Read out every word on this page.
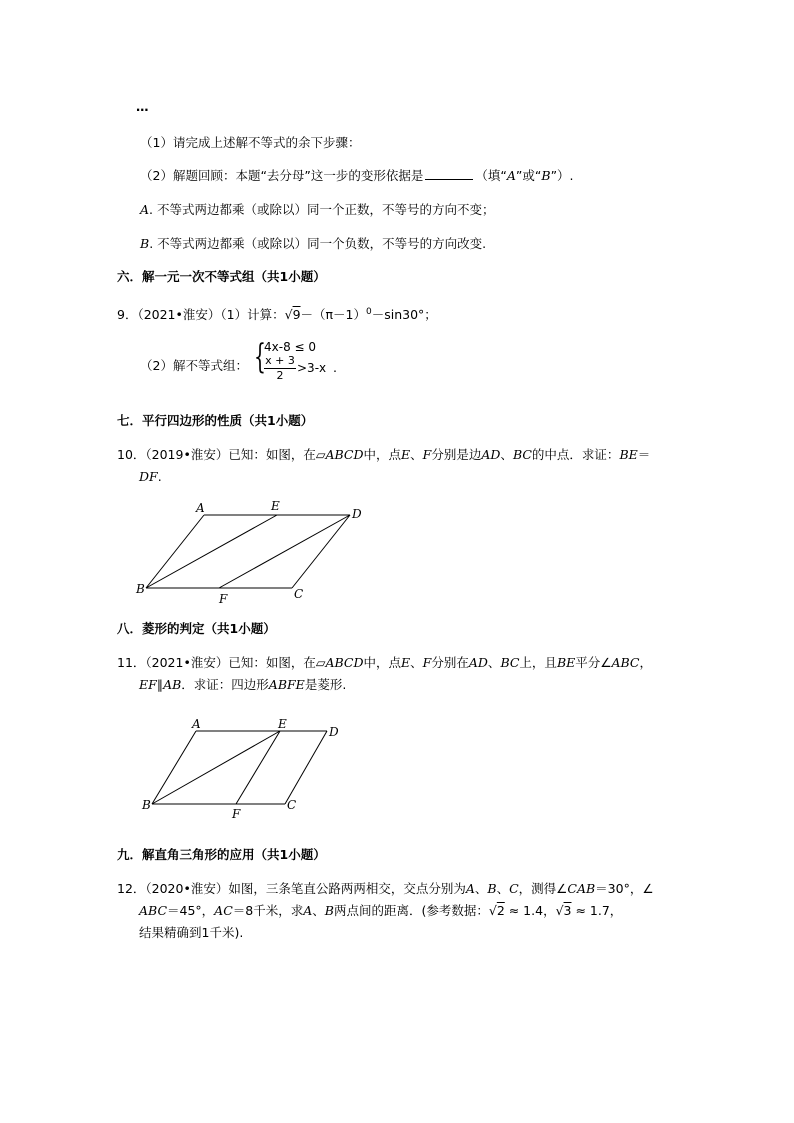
…
（1）请完成上述解不等式的余下步骤：
（2）解题回顾：本题“去分母”这一步的变形依据是	（填“A”或“B”）.
A. 不等式两边都乘（或除以）同一个正数，不等号的方向不变；
B. 不等式两边都乘（或除以）同一个负数，不等号的方向改变.
六．解一元一次不等式组（共1小题）
9．（2021•淮安）（1）计算：$√9-(\pi-1)^0-\sin 30^\circ$；
（2）解不等式组： {
4x-8 ≤ 0
x + 3
2
>3-x .
七．平行四边形的性质（共1小题）
10．（2019•淮安）已知：如图，在▱ABCD中，点E、F分别是边AD、BC的中点．求证：BE＝
DF.
A	E
D
B
F	C
八．菱形的判定（共1小题）
11．（2021•淮安）已知：如图，在▱ABCD中，点E、F分别在AD、BC上，且BE平分∠ABC，
EF∥AB．求证：四边形ABFE是菱形.
A	E
D
B
F
C
九．解直角三角形的应用（共1小题）
12．（2020•淮安）如图，三条笔直公路两两相交，交点分别为A、B、C，测得∠CAB＝30°，∠
ABC＝45°，AC＝8千米，求A、B两点间的距离．(参考数据：√2 ≈ 1.4，√3 ≈ 1.7，
结果精确到1千米).
